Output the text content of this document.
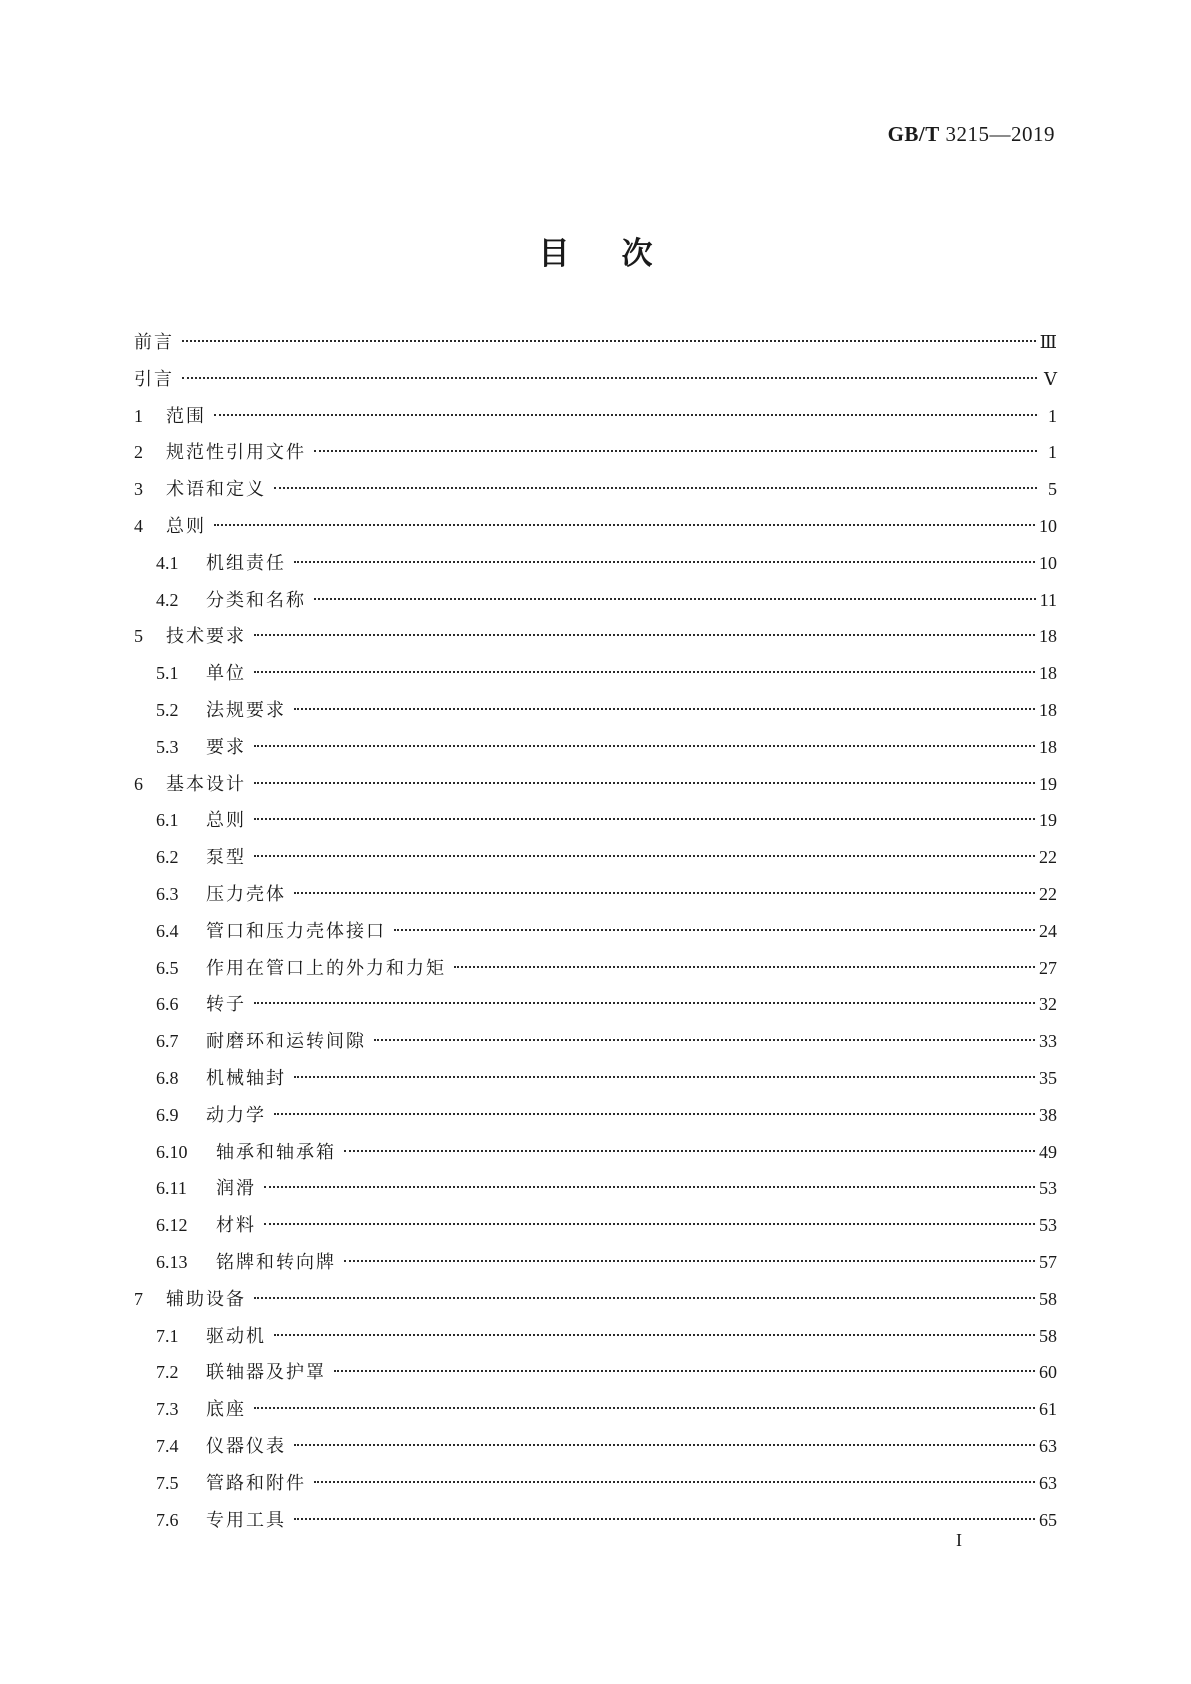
GB/T 3215—2019
目次
前言	Ⅲ
引言	Ⅴ
1	范围	1
2	规范性引用文件	1
3	术语和定义	5
4	总则	10
4.1	机组责任	10
4.2	分类和名称	11
5	技术要求	18
5.1	单位	18
5.2	法规要求	18
5.3	要求	18
6	基本设计	19
6.1	总则	19
6.2	泵型	22
6.3	压力壳体	22
6.4	管口和压力壳体接口	24
6.5	作用在管口上的外力和力矩	27
6.6	转子	32
6.7	耐磨环和运转间隙	33
6.8	机械轴封	35
6.9	动力学	38
6.10	轴承和轴承箱	49
6.11	润滑	53
6.12	材料	53
6.13	铭牌和转向牌	57
7	辅助设备	58
7.1	驱动机	58
7.2	联轴器及护罩	60
7.3	底座	61
7.4	仪器仪表	63
7.5	管路和附件	63
7.6	专用工具	65
I
